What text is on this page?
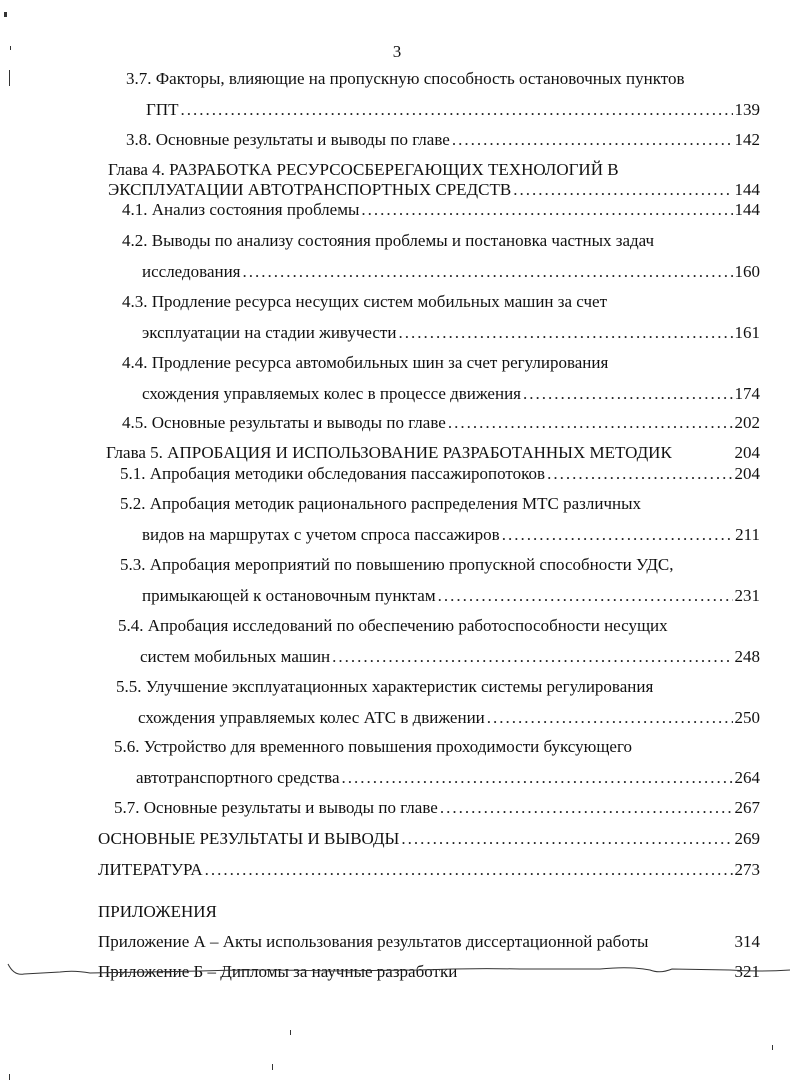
3
3.7. Факторы, влияющие на пропускную способность остановочных пунктов
ГПТ .....	139
3.8. Основные результаты и выводы по главе .....	142
Глава 4. РАЗРАБОТКА РЕСУРСОСБЕРЕГАЮЩИХ ТЕХНОЛОГИЙ В
ЭКСПЛУАТАЦИИ АВТОТРАНСПОРТНЫХ СРЕДСТВ .....	144
4.1. Анализ состояния проблемы .....	144
4.2. Выводы по анализу состояния проблемы и постановка частных задач
исследования .....	160
4.3. Продление ресурса несущих систем мобильных машин за счет
эксплуатации на стадии живучести .....	161
4.4. Продление ресурса автомобильных шин за счет регулирования
схождения управляемых колес в процессе движения .....	174
4.5. Основные результаты и выводы по главе .....	202
Глава 5. АПРОБАЦИЯ И ИСПОЛЬЗОВАНИЕ РАЗРАБОТАННЫХ МЕТОДИК	204
5.1. Апробация методики обследования пассажиропотоков .....	204
5.2. Апробация методик рационального распределения МТС различных
видов на маршрутах с учетом спроса пассажиров .....	211
5.3. Апробация мероприятий по повышению пропускной способности УДС,
примыкающей к остановочным пунктам .....	231
5.4. Апробация исследований по обеспечению работоспособности несущих
систем мобильных машин .....	248
5.5. Улучшение эксплуатационных характеристик системы регулирования
схождения управляемых колес АТС в движении .....	250
5.6. Устройство для временного повышения проходимости буксующего
автотранспортного средства .....	264
5.7. Основные результаты и выводы по главе .....	267
ОСНОВНЫЕ РЕЗУЛЬТАТЫ И ВЫВОДЫ .....	269
ЛИТЕРАТУРА .....	273
ПРИЛОЖЕНИЯ
Приложение А – Акты использования результатов диссертационной работы	314
Приложение Б – Дипломы за научные разработки	321
